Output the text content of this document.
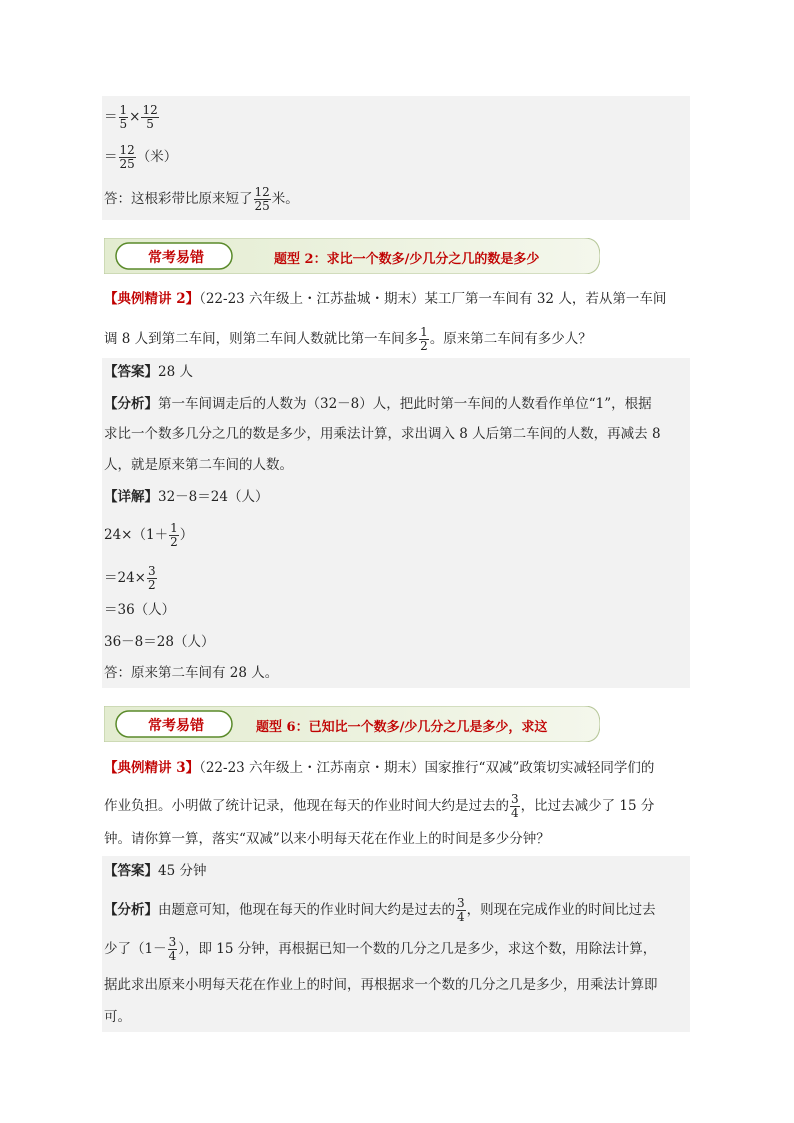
＝ $\frac{1}{5} \times \frac{12}{5}$
＝ $\frac{12}{25}$ （米）
答：这根彩带比原来短了 $\frac{12}{25}$ 米。
常考易错	题型 2：求比一个数多/少几分之几的数是多少
【典例精讲 2】（22-23 六年级上・江苏盐城・期末）某工厂第一车间有 32 人，若从第一车间
调 8 人到第二车间，则第二车间人数就比第一车间多 $\frac{1}{2}$ 。原来第二车间有多少人？
【答案】28 人
【分析】第一车间调走后的人数为（32－8）人，把此时第一车间的人数看作单位“1”，根据
求比一个数多几分之几的数是多少，用乘法计算，求出调入 8 人后第二车间的人数，再减去 8
人，就是原来第二车间的人数。
【详解】32－8＝24（人）
$24\times(1+ \frac{1}{2}$ ）
$=24\times \frac{3}{2}$
＝36（人）
36－8＝28（人）
答：原来第二车间有 28 人。
常考易错	题型 6：已知比一个数多/少几分之几是多少，求这
【典例精讲 3】（22-23 六年级上・江苏南京・期末）国家推行“双减”政策切实减轻同学们的
作业负担。小明做了统计记录，他现在每天的作业时间大约是过去的 $\frac{3}{4}$ ，比过去减少了 15 分
钟。请你算一算，落实“双减”以来小明每天花在作业上的时间是多少分钟？
【答案】45 分钟
【分析】由题意可知，他现在每天的作业时间大约是过去的 $\frac{3}{4}$ ，则现在完成作业的时间比过去
少了（$1- \frac{3}{4}$ ），即 15 分钟，再根据已知一个数的几分之几是多少，求这个数，用除法计算，
据此求出原来小明每天花在作业上的时间，再根据求一个数的几分之几是多少，用乘法计算即
可。
